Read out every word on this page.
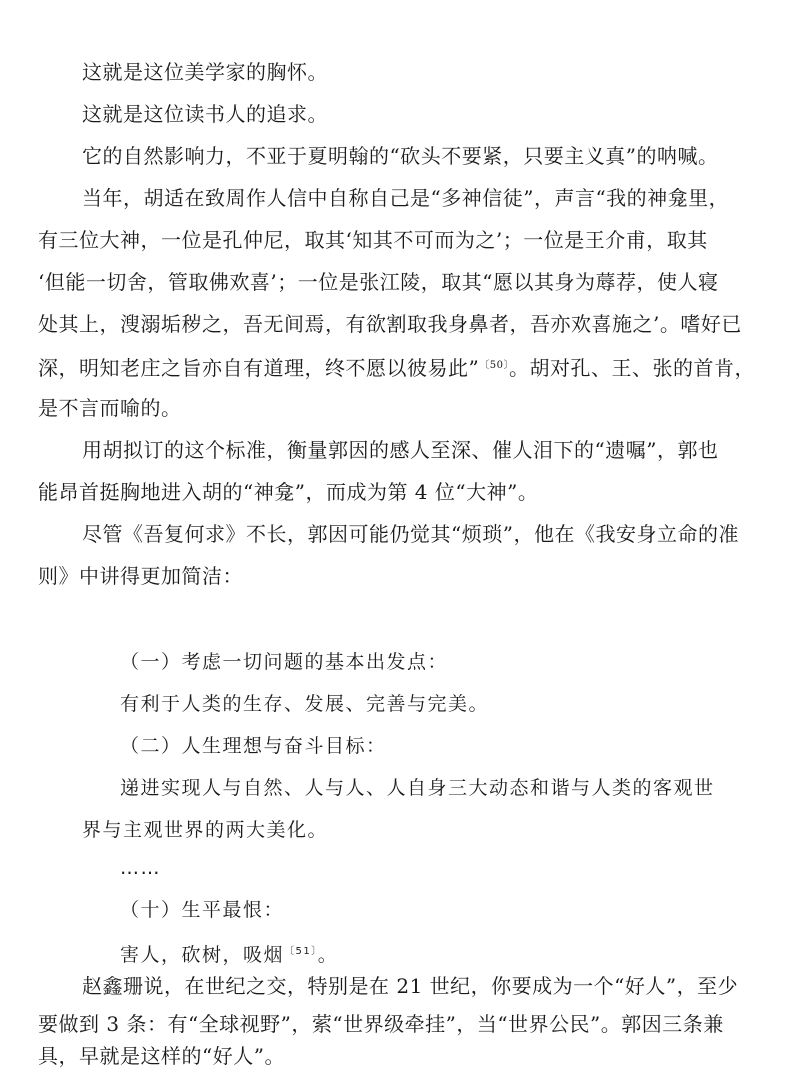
这就是这位美学家的胸怀。
这就是这位读书人的追求。
它的自然影响力，不亚于夏明翰的“砍头不要紧，只要主义真”的呐喊。
当年，胡适在致周作人信中自称自己是“多神信徒”，声言“我的神龛里，
有三位大神，一位是孔仲尼，取其‘知其不可而为之’；一位是王介甫，取其
‘但能一切舍，管取佛欢喜’；一位是张江陵，取其“愿以其身为蓐荐，使人寝
处其上，溲溺垢秽之，吾无间焉，有欲割取我身鼻者，吾亦欢喜施之’。嗜好已
深，明知老庄之旨亦自有道理，终不愿以彼易此”$^{〔50〕}$。胡对孔、王、张的首肯，
是不言而喻的。
用胡拟订的这个标准，衡量郭因的感人至深、催人泪下的“遗嘱”，郭也
能昂首挺胸地进入胡的“神龛”，而成为第 4 位“大神”。
尽管《吾复何求》不长，郭因可能仍觉其“烦琐”，他在《我安身立命的准
则》中讲得更加简洁：
（一）考虑一切问题的基本出发点：
有利于人类的生存、发展、完善与完美。
（二）人生理想与奋斗目标：
递进实现人与自然、人与人、人自身三大动态和谐与人类的客观世
界与主观世界的两大美化。
……
（十）生平最恨：
害人，砍树，吸烟$^{〔51〕}$。
赵鑫珊说，在世纪之交，特别是在 21 世纪，你要成为一个“好人”，至少
要做到 3 条：有“全球视野”，萦“世界级牵挂”，当“世界公民”。郭因三条兼
具，早就是这样的“好人”。
